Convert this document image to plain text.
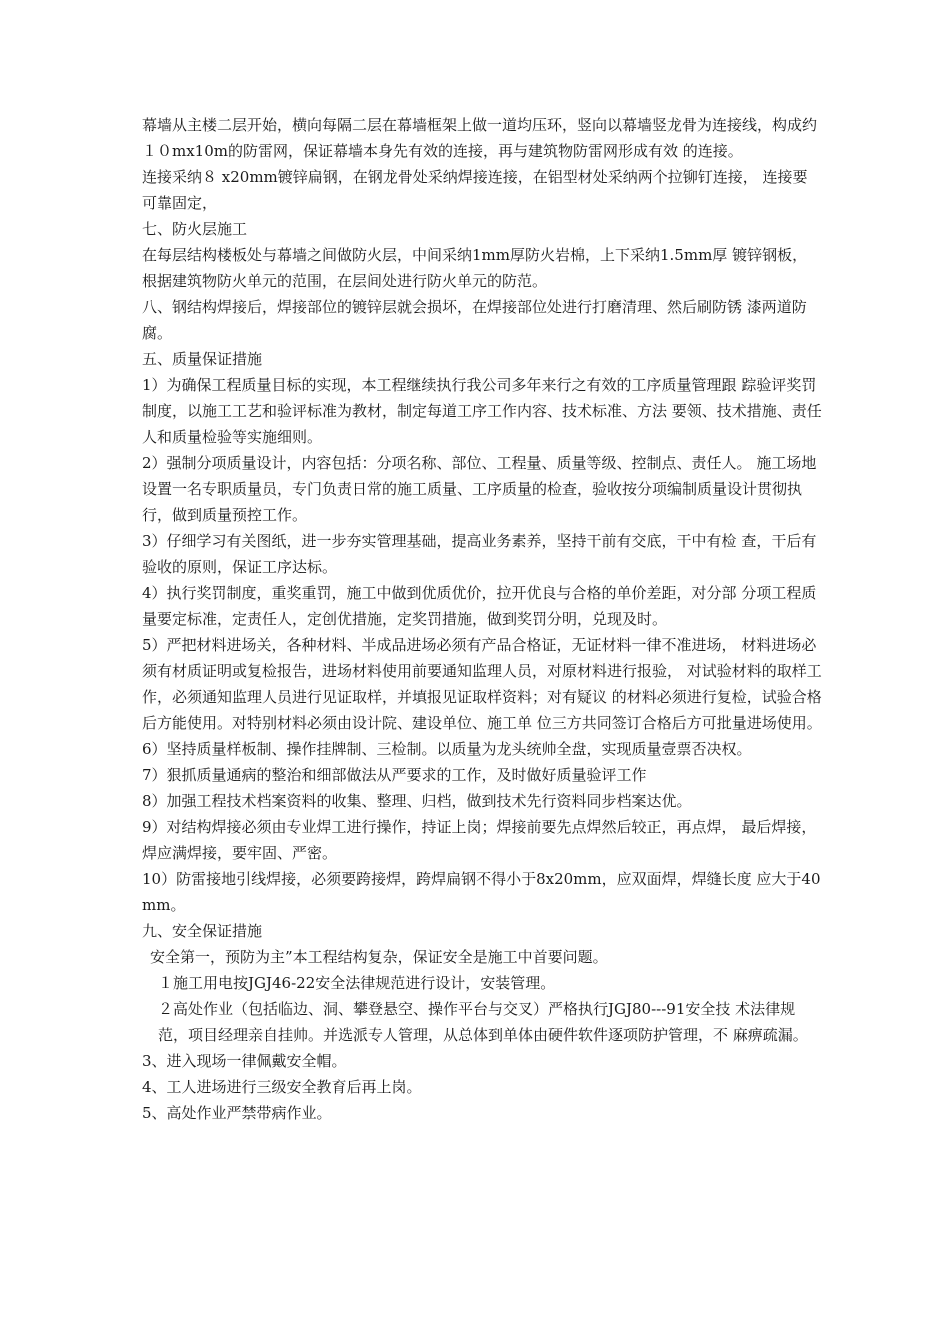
幕墙从主楼二层开始，横向每隔二层在幕墙框架上做一道均压环，竖向以幕墙竖龙骨为连接线，构成约１０mx10m的防雷网，保证幕墙本身先有效的连接，再与建筑物防雷网形成有效 的连接。

连接采纳８ x20mm镀锌扁钢，在钢龙骨处采纳焊接连接，在铝型材处采纳两个拉铆钉连接， 连接要可靠固定，

七、防火层施工

在每层结构楼板处与幕墙之间做防火层，中间采纳1mm厚防火岩棉，上下采纳1.5mm厚 镀锌钢板，根据建筑物防火单元的范围，在层间处进行防火单元的防范。

八、钢结构焊接后，焊接部位的镀锌层就会损坏，在焊接部位处进行打磨清理、然后刷防锈 漆两道防腐。

五、质量保证措施

1）为确保工程质量目标的实现，本工程继续执行我公司多年来行之有效的工序质量管理跟 踪验评奖罚制度，以施工工艺和验评标准为教材，制定每道工序工作内容、技术标准、方法 要领、技术措施、责任人和质量检验等实施细则。

2）强制分项质量设计，内容包括：分项名称、部位、工程量、质量等级、控制点、责任人。 施工场地设置一名专职质量员，专门负责日常的施工质量、工序质量的检查，验收按分项编制质量设计贯彻执行，做到质量预控工作。

3）仔细学习有关图纸，进一步夯实管理基础，提高业务素养，坚持干前有交底，干中有检 查，干后有验收的原则，保证工序达标。

4）执行奖罚制度，重奖重罚，施工中做到优质优价，拉开优良与合格的单价差距，对分部 分项工程质量要定标准，定责任人，定创优措施，定奖罚措施，做到奖罚分明，兑现及时。

5）严把材料进场关，各种材料、半成品进场必须有产品合格证，无证材料一律不准进场， 材料进场必须有材质证明或复检报告，进场材料使用前要通知监理人员，对原材料进行报验， 对试验材料的取样工作，必须通知监理人员进行见证取样，并填报见证取样资料；对有疑议 的材料必须进行复检，试验合格后方能使用。对特别材料必须由设计院、建设单位、施工单 位三方共同签订合格后方可批量进场使用。

6）坚持质量样板制、操作挂牌制、三检制。以质量为龙头统帅全盘，实现质量壹票否决权。

7）狠抓质量通病的整治和细部做法从严要求的工作，及时做好质量验评工作

8）加强工程技术档案资料的收集、整理、归档，做到技术先行资料同步档案达优。

9）对结构焊接必须由专业焊工进行操作，持证上岗；焊接前要先点焊然后较正，再点焊， 最后焊接，焊应满焊接，要牢固、严密。

10）防雷接地引线焊接，必须要跨接焊，跨焊扁钢不得小于8x20mm，应双面焊，焊缝长度 应大于40 mm。

九、安全保证措施

安全第一，预防为主”本工程结构复杂，保证安全是施工中首要问题。

１施工用电按JGJ46-22安全法律规范进行设计，安装管理。

２高处作业（包括临边、洞、攀登悬空、操作平台与交叉）严格执行JGJ80---91安全技 术法律规范，项目经理亲自挂帅。并选派专人管理，从总体到单体由硬件软件逐项防护管理，不 麻痹疏漏。

3、进入现场一律佩戴安全帽。

4、工人进场进行三级安全教育后再上岗。

5、高处作业严禁带病作业。
